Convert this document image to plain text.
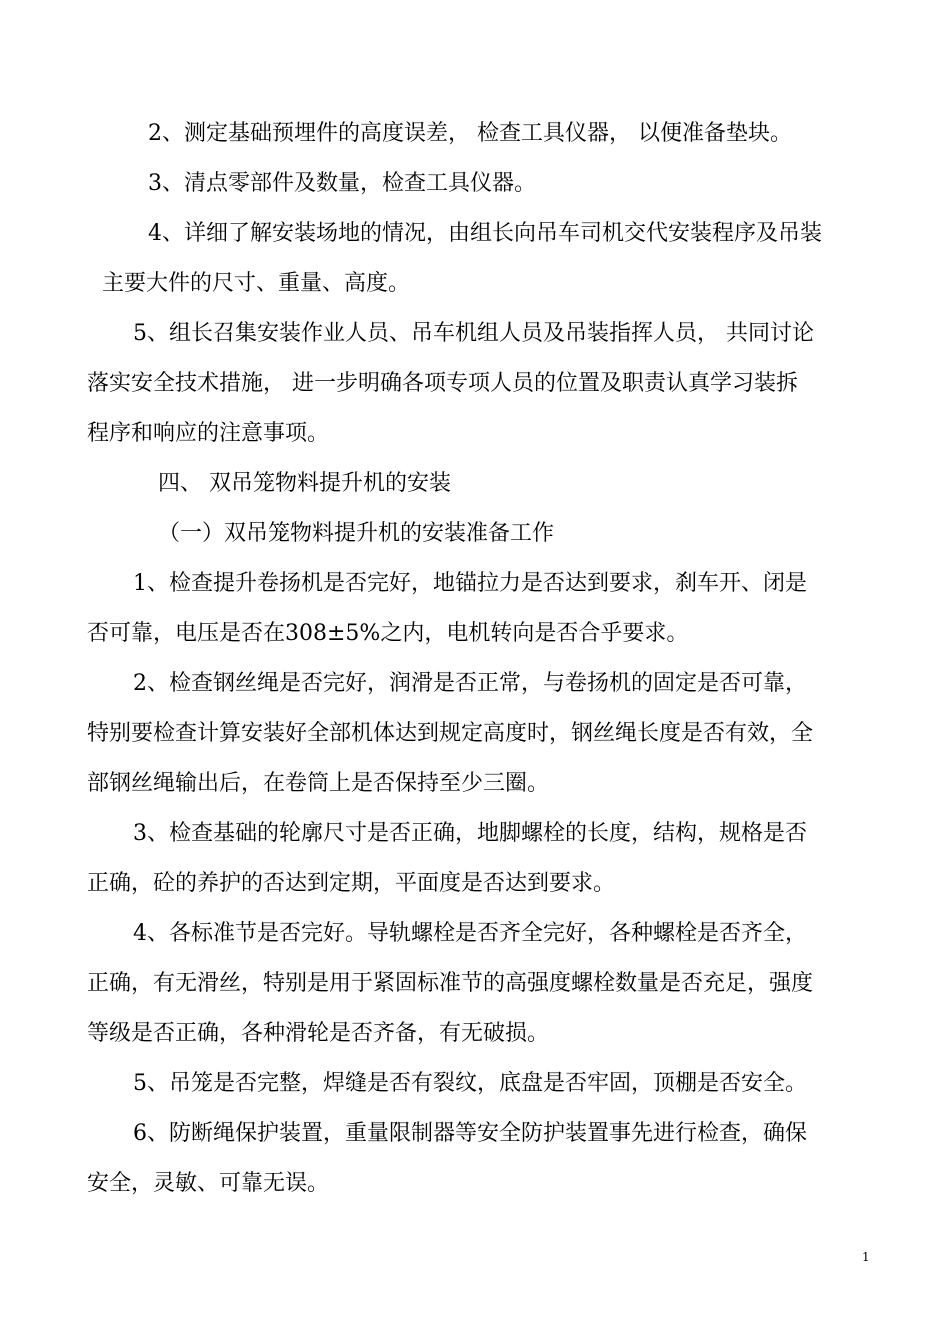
2、测定基础预埋件的高度误差， 检查工具仪器， 以便准备垫块。

3、清点零部件及数量，检查工具仪器。

4、详细了解安装场地的情况，由组长向吊车司机交代安装程序及吊装

主要大件的尺寸、重量、高度。

5、组长召集安装作业人员、吊车机组人员及吊装指挥人员， 共同讨论

落实安全技术措施， 进一步明确各项专项人员的位置及职责认真学习装拆

程序和响应的注意事项。

四、 双吊笼物料提升机的安装

（一）双吊笼物料提升机的安装准备工作

1、检查提升卷扬机是否完好，地锚拉力是否达到要求，刹车开、闭是

否可靠，电压是否在308±5%之内，电机转向是否合乎要求。

2、检查钢丝绳是否完好，润滑是否正常，与卷扬机的固定是否可靠，

特别要检查计算安装好全部机体达到规定高度时，钢丝绳长度是否有效，全

部钢丝绳输出后，在卷筒上是否保持至少三圈。

3、检查基础的轮廓尺寸是否正确，地脚螺栓的长度，结构，规格是否

正确，砼的养护的否达到定期，平面度是否达到要求。

4、各标准节是否完好。导轨螺栓是否齐全完好，各种螺栓是否齐全，

正确，有无滑丝，特别是用于紧固标准节的高强度螺栓数量是否充足，强度

等级是否正确，各种滑轮是否齐备，有无破损。

5、吊笼是否完整，焊缝是否有裂纹，底盘是否牢固，顶棚是否安全。

6、防断绳保护装置，重量限制器等安全防护装置事先进行检查，确保

安全，灵敏、可靠无误。

1
